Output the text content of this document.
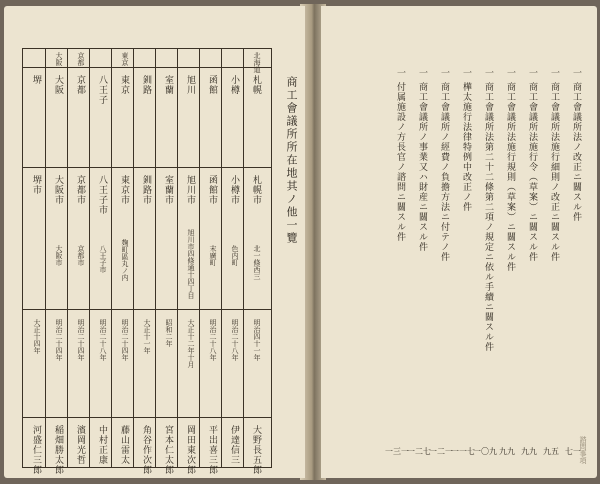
商工會議所所在地其ノ他一覽
北海道
札幌
札幌市
北一條西三
明治四十一年
大野長五郎
小樽
小樽市
色内町
明治二十八年
伊達信三
函館
函館市
末廣町
明治二十八年
平出喜三郎
旭川
旭川市
旭川市四條通十四丁目
大正十二年十月
岡田東次郎
室蘭
室蘭市
昭和二年
宮本仁太郎
釧路
釧路市
大正十一年
角谷作次郎
東京
東京
東京市
麹町區丸ノ内
明治二十四年
藤山雷太
八王子
八王子市
八王子市
明治二十八年
中村正康
京都
京都
京都市
京都市
明治二十四年
濱岡光哲
大阪
大阪
大阪市
大阪市
明治二十四年
稲畑勝太郎
堺
堺市
大正十四年
河盛仁三郎
一 商工會議所法ノ改正ニ關スル件
七一
一 商工會議所法施行細則ノ改正ニ關スル件
九五
一 商工會議所法施行令（草案）ニ關スル件
九九
一 商工會議所法施行規則（草案）ニ關スル件
九九
一 商工會議所法第二十二條第二項ノ規定ニ依ル手續ニ關スル件
一〇九
一 樺太施行法律特例中改正ノ件
一一七
一 商工會議所ノ經費ノ負擔方法ニ付テノ件
一二一
一 商工會議所ノ事業又ハ財産ニ關スル件
一二七
一 付属施設ノ方長官ノ諮問ニ關スル件
一三一	諮問事項
